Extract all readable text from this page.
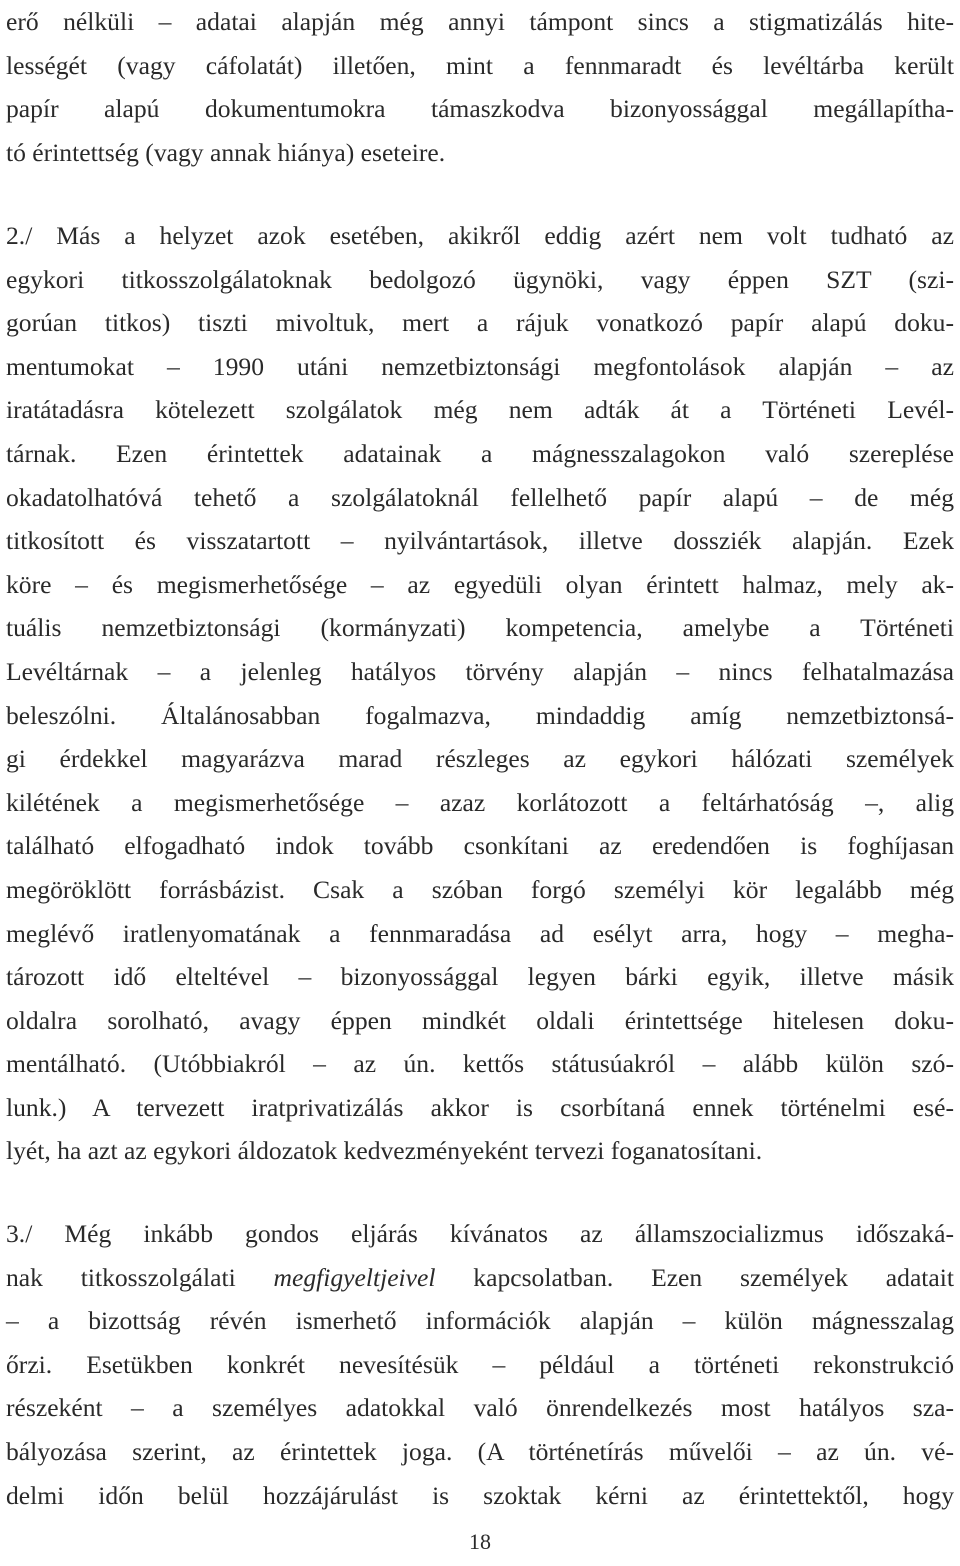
erő nélküli – adatai alapján még annyi támpont sincs a stigmatizálás hite-
lességét (vagy cáfolatát) illetően, mint a fennmaradt és levéltárba került
papír alapú dokumentumokra támaszkodva bizonyossággal megállapítha-
tó érintettség (vagy annak hiánya) eseteire.
2./ Más a helyzet azok esetében, akikről eddig azért nem volt tudható az
egykori titkosszolgálatoknak bedolgozó ügynöki, vagy éppen SZT (szi-
gorúan titkos) tiszti mivoltuk, mert a rájuk vonatkozó papír alapú doku-
mentumokat – 1990 utáni nemzetbiztonsági megfontolások alapján – az
iratátadásra kötelezett szolgálatok még nem adták át a Történeti Levél-
tárnak. Ezen érintettek adatainak a mágnesszalagokon való szereplése
okadatolhatóvá tehető a szolgálatoknál fellelhető papír alapú – de még
titkosított és visszatartott – nyilvántartások, illetve dossziék alapján. Ezek
köre – és megismerhetősége – az egyedüli olyan érintett halmaz, mely ak-
tuális nemzetbiztonsági (kormányzati) kompetencia, amelybe a Történeti
Levéltárnak – a jelenleg hatályos törvény alapján – nincs felhatalmazása
beleszólni. Általánosabban fogalmazva, mindaddig amíg nemzetbiztonsá-
gi érdekkel magyarázva marad részleges az egykori hálózati személyek
kilétének a megismerhetősége – azaz korlátozott a feltárhatóság –, alig
található elfogadható indok tovább csonkítani az eredendően is foghíjasan
megöröklött forrásbázist. Csak a szóban forgó személyi kör legalább még
meglévő iratlenyomatának a fennmaradása ad esélyt arra, hogy – megha-
tározott idő elteltével – bizonyossággal legyen bárki egyik, illetve másik
oldalra sorolható, avagy éppen mindkét oldali érintettsége hitelesen doku-
mentálható. (Utóbbiakról – az ún. kettős státusúakról – alább külön szó-
lunk.) A tervezett iratprivatizálás akkor is csorbítaná ennek történelmi esé-
lyét, ha azt az egykori áldozatok kedvezményeként tervezi foganatosítani.
3./ Még inkább gondos eljárás kívánatos az államszocializmus időszaká-
nak titkosszolgálati megfigyeltjeivel kapcsolatban. Ezen személyek adatait
– a bizottság révén ismerhető információk alapján – külön mágnesszalag
őrzi. Esetükben konkrét nevesítésük – például a történeti rekonstrukció
részeként – a személyes adatokkal való önrendelkezés most hatályos sza-
bályozása szerint, az érintettek joga. (A történetírás művelői – az ún. vé-
delmi időn belül hozzájárulást is szoktak kérni az érintettektől, hogy
18
